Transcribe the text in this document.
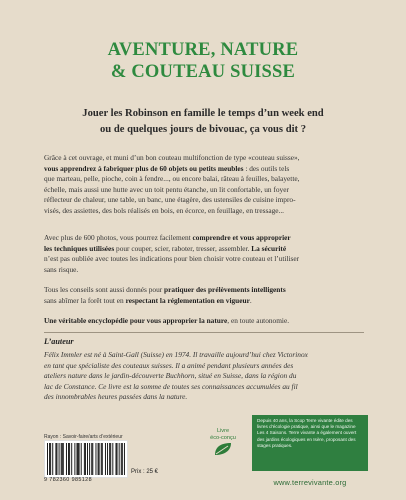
AVENTURE, NATURE
& COUTEAU SUISSE
Jouer les Robinson en famille le temps d’un week end
ou de quelques jours de bivouac, ça vous dit ?
Grâce à cet ouvrage, et muni d’un bon couteau multifonction de type «couteau suisse»,
vous apprendrez à fabriquer plus de 60 objets ou petits meubles : des outils tels
que marteau, pelle, pioche, coin à fendre..., ou encore balai, râteau à feuilles, balayette,
échelle, mais aussi une hutte avec un toit pentu étanche, un lit confortable, un foyer
réflecteur de chaleur, une table, un banc, une étagère, des ustensiles de cuisine impro-
visés, des assiettes, des bols réalisés en bois, en écorce, en feuillage, en tressage...
Avec plus de 600 photos, vous pourrez facilement comprendre et vous approprier
les techniques utilisées pour couper, scier, raboter, tresser, assembler. La sécurité
n’est pas oubliée avec toutes les indications pour bien choisir votre couteau et l’utiliser
sans risque.
Tous les conseils sont aussi donnés pour pratiquer des prélèvements intelligents
sans abîmer la forêt tout en respectant la réglementation en vigueur.
Une véritable encyclopédie pour vous approprier la nature, en toute autonomie.
L’auteur
Félix Immler est né à Saint-Gall (Suisse) en 1974. Il travaille aujourd’hui chez Victorinox
en tant que spécialiste des couteaux suisses. Il a animé pendant plusieurs années des
ateliers nature dans le jardin-découverte Buchhorn, situé en Suisse, dans la région du
lac de Constance. Ce livre est la somme de toutes ses connaissances accumulées au fil
des innombrables heures passées dans la nature.
Rayon : Savoir-faire/arts d’extérieur
9 782360 985128
Prix : 25 €
Livre
éco-conçu
Depuis 40 ans, la Scop Terre vivante édite des
livres d’écologie pratique, ainsi que le magazine
Les 4 Saisons. Terre vivante a également ouvert
des jardins écologiques en Isère, proposant des
stages pratiques.
www.terrevivante.org
